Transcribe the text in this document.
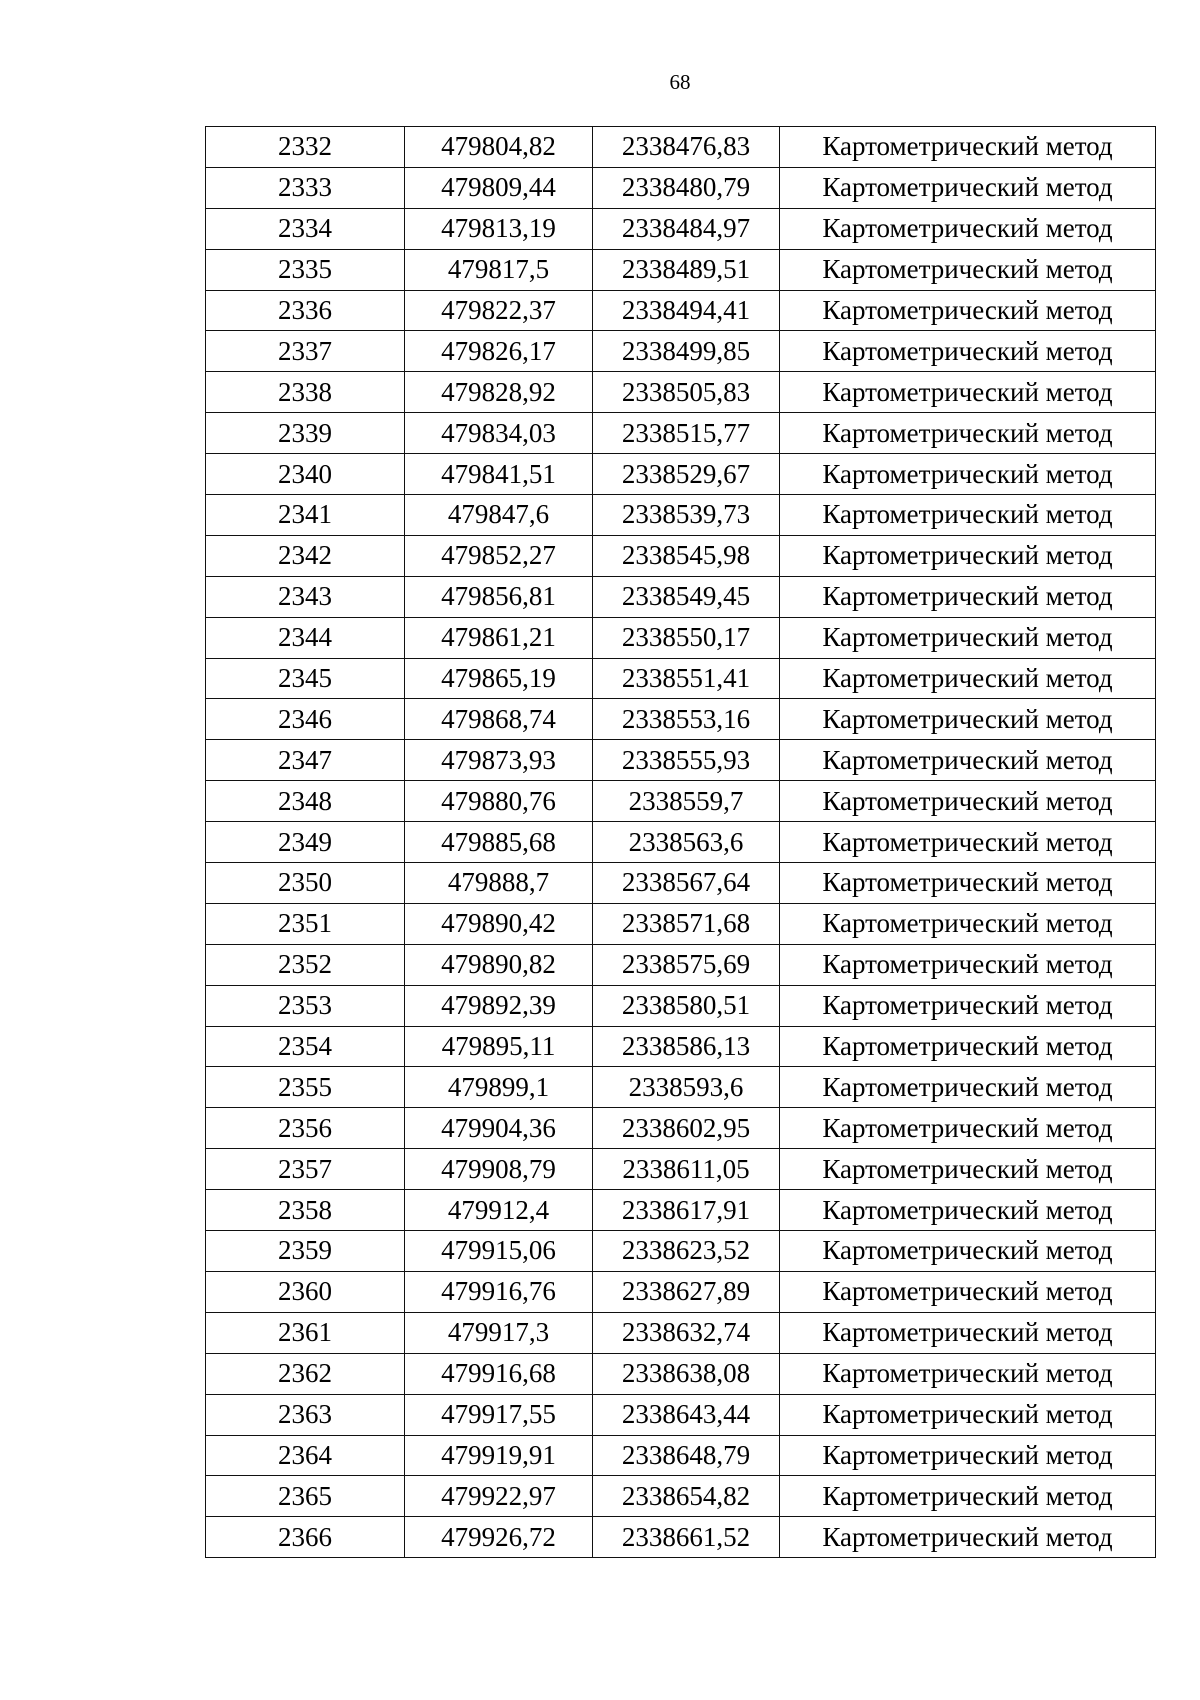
68
2332	479804,82	2338476,83	Картометрический метод
2333	479809,44	2338480,79	Картометрический метод
2334	479813,19	2338484,97	Картометрический метод
2335	479817,5	2338489,51	Картометрический метод
2336	479822,37	2338494,41	Картометрический метод
2337	479826,17	2338499,85	Картометрический метод
2338	479828,92	2338505,83	Картометрический метод
2339	479834,03	2338515,77	Картометрический метод
2340	479841,51	2338529,67	Картометрический метод
2341	479847,6	2338539,73	Картометрический метод
2342	479852,27	2338545,98	Картометрический метод
2343	479856,81	2338549,45	Картометрический метод
2344	479861,21	2338550,17	Картометрический метод
2345	479865,19	2338551,41	Картометрический метод
2346	479868,74	2338553,16	Картометрический метод
2347	479873,93	2338555,93	Картометрический метод
2348	479880,76	2338559,7	Картометрический метод
2349	479885,68	2338563,6	Картометрический метод
2350	479888,7	2338567,64	Картометрический метод
2351	479890,42	2338571,68	Картометрический метод
2352	479890,82	2338575,69	Картометрический метод
2353	479892,39	2338580,51	Картометрический метод
2354	479895,11	2338586,13	Картометрический метод
2355	479899,1	2338593,6	Картометрический метод
2356	479904,36	2338602,95	Картометрический метод
2357	479908,79	2338611,05	Картометрический метод
2358	479912,4	2338617,91	Картометрический метод
2359	479915,06	2338623,52	Картометрический метод
2360	479916,76	2338627,89	Картометрический метод
2361	479917,3	2338632,74	Картометрический метод
2362	479916,68	2338638,08	Картометрический метод
2363	479917,55	2338643,44	Картометрический метод
2364	479919,91	2338648,79	Картометрический метод
2365	479922,97	2338654,82	Картометрический метод
2366	479926,72	2338661,52	Картометрический метод
